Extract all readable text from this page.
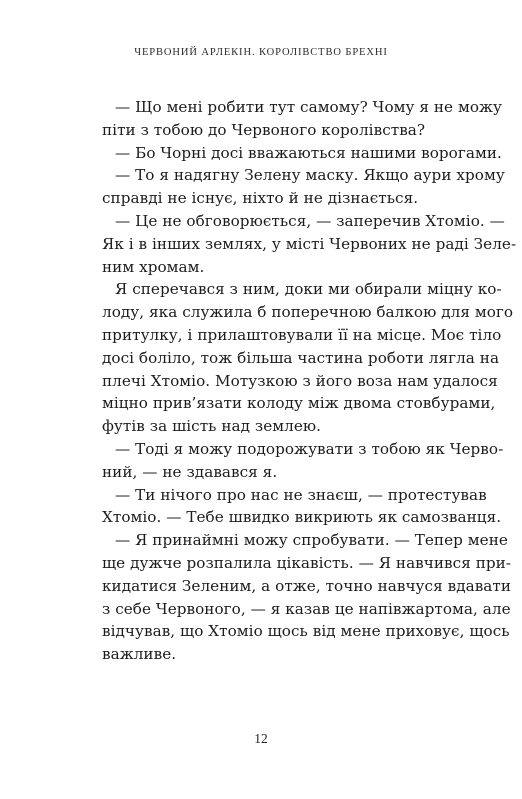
ЧЕРВОНИЙ АРЛЕКІН. КОРОЛІВСТВО БРЕХНІ
— Що мені робити тут самому? Чому я не можу
піти з тобою до Червоного королівства?
— Бо Чорні досі вважаються нашими ворогами.
— То я надягну Зелену маску. Якщо аури хрому
справді не існує, ніхто й не дізнається.
— Це не обговорюється, — заперечив Хтоміо. —
Як і в інших землях, у місті Червоних не раді Зеле-
ним хромам.
Я сперечався з ним, доки ми обирали міцну ко-
лоду, яка служила б поперечною балкою для мого
притулку, і прилаштовували її на місце. Моє тіло
досі боліло, тож більша частина роботи лягла на
плечі Хтоміо. Мотузкою з його воза нам удалося
міцно прив’язати колоду між двома стовбурами,
футів за шість над землею.
— Тоді я можу подорожувати з тобою як Черво-
ний, — не здавався я.
— Ти нічого про нас не знаєш, — протестував
Хтоміо. — Тебе швидко викриють як самозванця.
— Я принаймні можу спробувати. — Тепер мене
ще дужче розпалила цікавість. — Я навчився при-
кидатися Зеленим, а отже, точно навчуся вдавати
з себе Червоного, — я казав це напівжартома, але
відчував, що Хтоміо щось від мене приховує, щось
важливе.
12
